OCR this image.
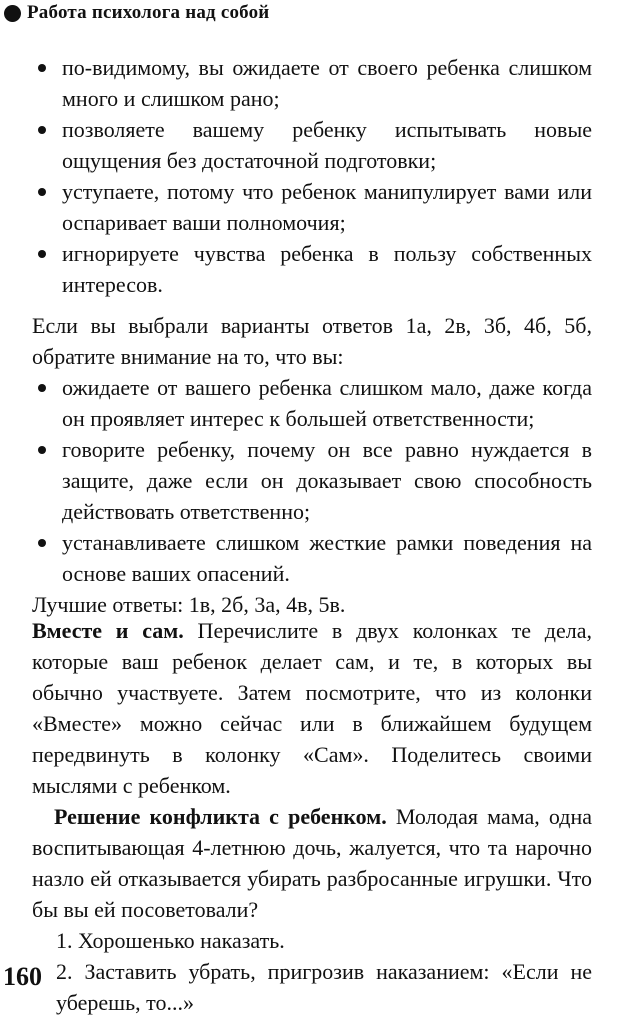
Работа психолога над собой
по-видимому, вы ожидаете от своего ребенка слишком много и слишком рано;
позволяете вашему ребенку испытывать новые ощущения без достаточной подготовки;
уступаете, потому что ребенок манипулирует вами или оспаривает ваши полномочия;
игнорируете чувства ребенка в пользу собственных интересов.

Если вы выбрали варианты ответов 1а, 2в, 3б, 4б, 5б, обратите внимание на то, что вы:

ожидаете от вашего ребенка слишком мало, даже когда он проявляет интерес к большей ответственности;
говорите ребенку, почему он все равно нуждается в защите, даже если он доказывает свою способность действовать ответственно;
устанавливаете слишком жесткие рамки поведения на основе ваших опасений.

Лучшие ответы: 1в, 2б, 3а, 4в, 5в.

Вместе и сам. Перечислите в двух колонках те дела, которые ваш ребенок делает сам, и те, в которых вы обычно участвуете. Затем посмотрите, что из колонки «Вместе» можно сейчас или в ближайшем будущем передвинуть в колонку «Сам». Поделитесь своими мыслями с ребенком.

Решение конфликта с ребенком. Молодая мама, одна воспитывающая 4-летнюю дочь, жалуется, что та нарочно назло ей отказывается убирать разбросанные игрушки. Что бы вы ей посоветовали?

1. Хорошенько наказать.

2. Заставить убрать, пригрозив наказанием: «Если не уберешь, то...»

160
